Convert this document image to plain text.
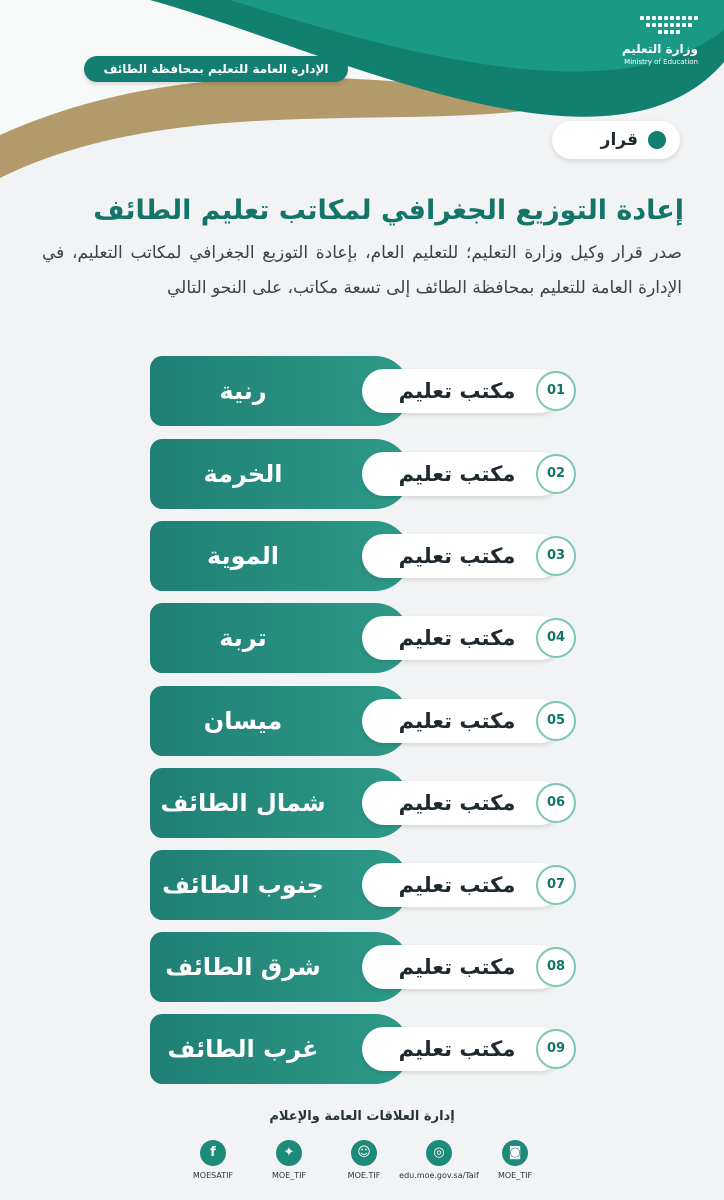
وزارة التعليم
Ministry of Education
الإدارة العامة للتعليم بمحافظة الطائف
قرار
إعادة التوزيع الجغرافي لمكاتب تعليم الطائف

صدر قرار وكيل وزارة التعليم؛ للتعليم العام، بإعادة التوزيع الجغرافي لمكاتب التعليم، في الإدارة العامة للتعليم بمحافظة الطائف إلى تسعة مكاتب، على النحو التالي

رنية	مكتب تعليم	01
الخرمة	مكتب تعليم	02
الموية	مكتب تعليم	03
تربة	مكتب تعليم	04
ميسان	مكتب تعليم	05
شمال الطائف	مكتب تعليم	06
جنوب الطائف	مكتب تعليم	07
شرق الطائف	مكتب تعليم	08
غرب الطائف	مكتب تعليم	09
إدارة العلاقات العامة والإعلام
f
MOESATIF
✦
MOE_TIF
☺
MOE.TIF
◎
edu.moe.gov.sa/Taif
◙
MOE_TIF
